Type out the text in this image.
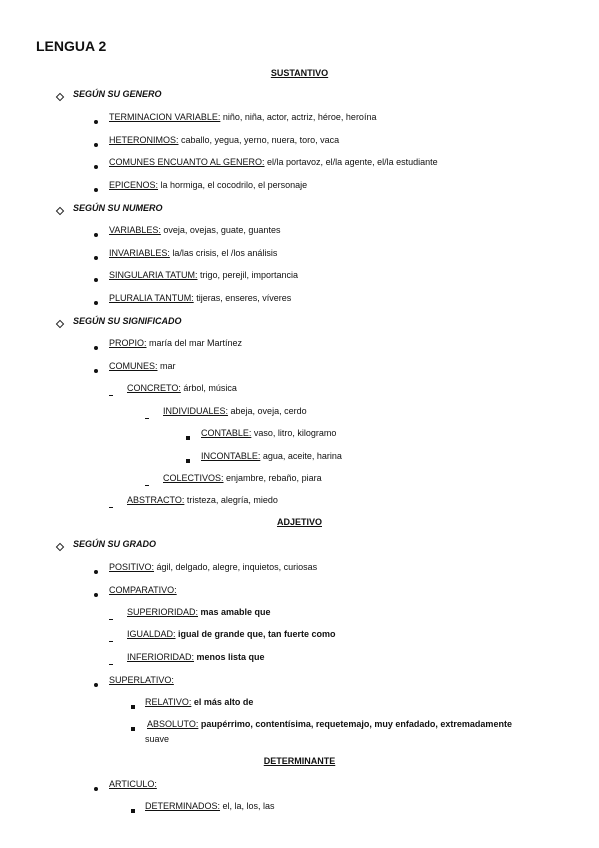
LENGUA 2
SUSTANTIVO
SEGÚN SU GENERO
TERMINACION VARIABLE: niño, niña, actor, actriz, héroe, heroína
HETERONIMOS: caballo, yegua, yerno, nuera, toro, vaca
COMUNES ENCUANTO AL GENERO: el/la portavoz, el/la agente, el/la estudiante
EPICENOS: la hormiga, el cocodrilo, el personaje
SEGÚN SU NUMERO
VARIABLES: oveja, ovejas, guate, guantes
INVARIABLES: la/las crisis, el /los análisis
SINGULARIA TATUM: trigo, perejil, importancia
PLURALIA TANTUM: tijeras, enseres, víveres
SEGÚN SU SIGNIFICADO
PROPIO: maría del mar Martínez
COMUNES: mar
CONCRETO: árbol, música
INDIVIDUALES: abeja, oveja, cerdo
CONTABLE: vaso, litro, kilogramo
INCONTABLE: agua, aceite, harina
COLECTIVOS: enjambre, rebaño, piara
ABSTRACTO: tristeza, alegría, miedo
ADJETIVO
SEGÚN SU GRADO
POSITIVO: ágil, delgado, alegre, inquietos, curiosas
COMPARATIVO:
SUPERIORIDAD: mas amable que
IGUALDAD: igual de grande que, tan fuerte como
INFERIORIDAD: menos lista que
SUPERLATIVO:
RELATIVO: el más alto de
ABSOLUTO: paupérrimo, contentísima, requetemajo, muy enfadado, extremadamente
suave
DETERMINANTE
ARTICULO:
DETERMINADOS: el, la, los, las
